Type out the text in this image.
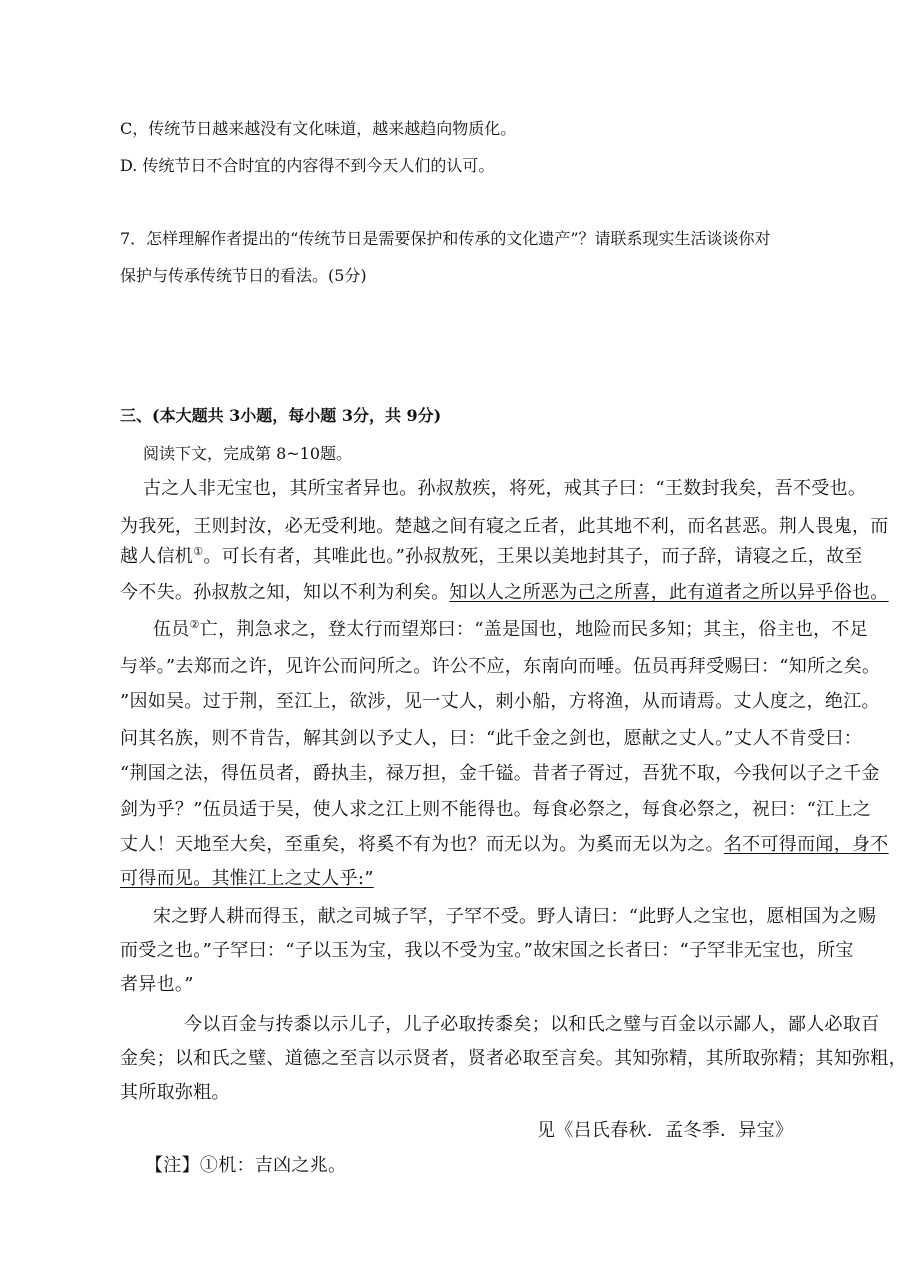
C，传统节日越来越没有文化味道，越来越趋向物质化。
D. 传统节日不合时宜的内容得不到今天人们的认可。
7．怎样理解作者提出的“传统节日是需要保护和传承的文化遗产”？请联系现实生活谈谈你对
保护与传承传统节日的看法。(5分)
三、(本大题共 3小题，每小题 3分，共 9分)
阅读下文，完成第 8~10题。
古之人非无宝也，其所宝者异也。孙叔敖疾，将死，戒其子曰：“王数封我矣，吾不受也。
为我死，王则封汝，必无受利地。楚越之间有寝之丘者，此其地不利，而名甚恶。荆人畏鬼，而
越人信机①。可长有者，其唯此也。”孙叔敖死，王果以美地封其子，而子辞，请寝之丘，故至
今不失。孙叔敖之知，知以不利为利矣。知以人之所恶为己之所喜，此有道者之所以异乎俗也。
伍员②亡，荆急求之，登太行而望郑曰：“盖是国也，地险而民多知；其主，俗主也，不足
与举。”去郑而之许，见许公而问所之。许公不应，东南向而唾。伍员再拜受赐曰：“知所之矣。
”因如吴。过于荆，至江上，欲涉，见一丈人，刺小船，方将渔，从而请焉。丈人度之，绝江。
问其名族，则不肯告，解其剑以予丈人，曰：“此千金之剑也，愿献之丈人。”丈人不肯受曰：
“荆国之法，得伍员者，爵执圭，禄万担，金千镒。昔者子胥过，吾犹不取，今我何以子之千金
剑为乎？”伍员适于吴，使人求之江上则不能得也。每食必祭之，每食必祭之，祝曰：“江上之
丈人！天地至大矣，至重矣，将奚不有为也？而无以为。为奚而无以为之。名不可得而闻，身不
可得而见。其惟江上之丈人乎:”
宋之野人耕而得玉，献之司城子罕，子罕不受。野人请曰：“此野人之宝也，愿相国为之赐
而受之也。”子罕曰：“子以玉为宝，我以不受为宝。”故宋国之长者曰：“子罕非无宝也，所宝
者异也。”
今以百金与抟黍以示儿子，儿子必取抟黍矣；以和氏之璧与百金以示鄙人，鄙人必取百
金矣；以和氏之璧、道德之至言以示贤者，贤者必取至言矣。其知弥精，其所取弥精；其知弥粗，
其所取弥粗。
见《吕氏春秋．孟冬季．异宝》
【注】①机：吉凶之兆。
